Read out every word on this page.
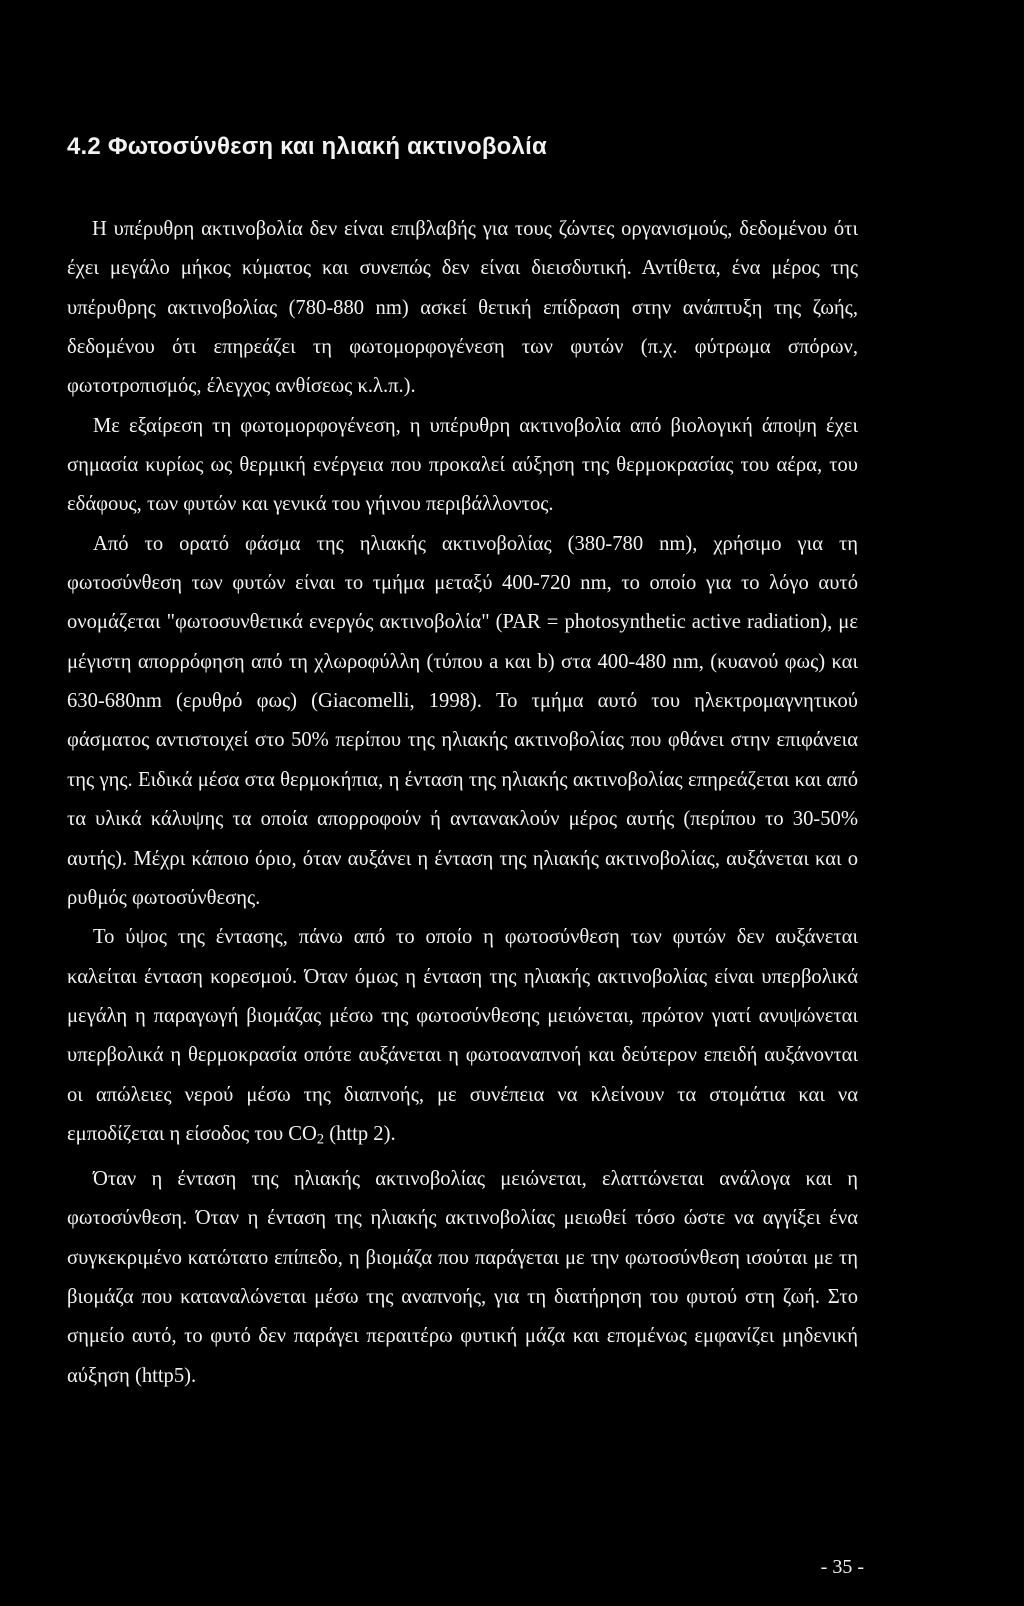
4.2 Φωτοσύνθεση και ηλιακή ακτινοβολία

Η υπέρυθρη ακτινοβολία δεν είναι επιβλαβής για τους ζώντες οργανισμούς, δεδομένου ότι έχει μεγάλο μήκος κύματος και συνεπώς δεν είναι διεισδυτική. Αντίθετα, ένα μέρος της υπέρυθρης ακτινοβολίας (780-880 nm) ασκεί θετική επίδραση στην ανάπτυξη της ζωής, δεδομένου ότι επηρεάζει τη φωτομορφογένεση των φυτών (π.χ. φύτρωμα σπόρων, φωτοτροπισμός, έλεγχος ανθίσεως κ.λ.π.).

Με εξαίρεση τη φωτομορφογένεση, η υπέρυθρη ακτινοβολία από βιολογική άποψη έχει σημασία κυρίως ως θερμική ενέργεια που προκαλεί αύξηση της θερμοκρασίας του αέρα, του εδάφους, των φυτών και γενικά του γήινου περιβάλλοντος.

Από το ορατό φάσμα της ηλιακής ακτινοβολίας (380-780 nm), χρήσιμο για τη φωτοσύνθεση των φυτών είναι το τμήμα μεταξύ 400-720 nm, το οποίο για το λόγο αυτό ονομάζεται "φωτοσυνθετικά ενεργός ακτινοβολία" (PAR = photosynthetic active radiation), με μέγιστη απορρόφηση από τη χλωροφύλλη (τύπου a και b) στα 400-480 nm, (κυανού φως) και 630-680nm (ερυθρό φως) (Giacomelli, 1998). Το τμήμα αυτό του ηλεκτρομαγνητικού φάσματος αντιστοιχεί στο 50% περίπου της ηλιακής ακτινοβολίας που φθάνει στην επιφάνεια της γης. Ειδικά μέσα στα θερμοκήπια, η ένταση της ηλιακής ακτινοβολίας επηρεάζεται και από τα υλικά κάλυψης τα οποία απορροφούν ή αντανακλούν μέρος αυτής (περίπου το 30-50% αυτής). Μέχρι κάποιο όριο, όταν αυξάνει η ένταση της ηλιακής ακτινοβολίας, αυξάνεται και ο ρυθμός φωτοσύνθεσης.

Το ύψος της έντασης, πάνω από το οποίο η φωτοσύνθεση των φυτών δεν αυξάνεται καλείται ένταση κορεσμού. Όταν όμως η ένταση της ηλιακής ακτινοβολίας είναι υπερβολικά μεγάλη η παραγωγή βιομάζας μέσω της φωτοσύνθεσης μειώνεται, πρώτον γιατί ανυψώνεται υπερβολικά η θερμοκρασία οπότε αυξάνεται η φωτοαναπνοή και δεύτερον επειδή αυξάνονται οι απώλειες νερού μέσω της διαπνοής, με συνέπεια να κλείνουν τα στομάτια και να εμποδίζεται η είσοδος του $CO_2$ (http 2).

Όταν η ένταση της ηλιακής ακτινοβολίας μειώνεται, ελαττώνεται ανάλογα και η φωτοσύνθεση. Όταν η ένταση της ηλιακής ακτινοβολίας μειωθεί τόσο ώστε να αγγίξει ένα συγκεκριμένο κατώτατο επίπεδο, η βιομάζα που παράγεται με την φωτοσύνθεση ισούται με τη βιομάζα που καταναλώνεται μέσω της αναπνοής, για τη διατήρηση του φυτού στη ζωή. Στο σημείο αυτό, το φυτό δεν παράγει περαιτέρω φυτική μάζα και επομένως εμφανίζει μηδενική αύξηση (http5).

- 35 -
